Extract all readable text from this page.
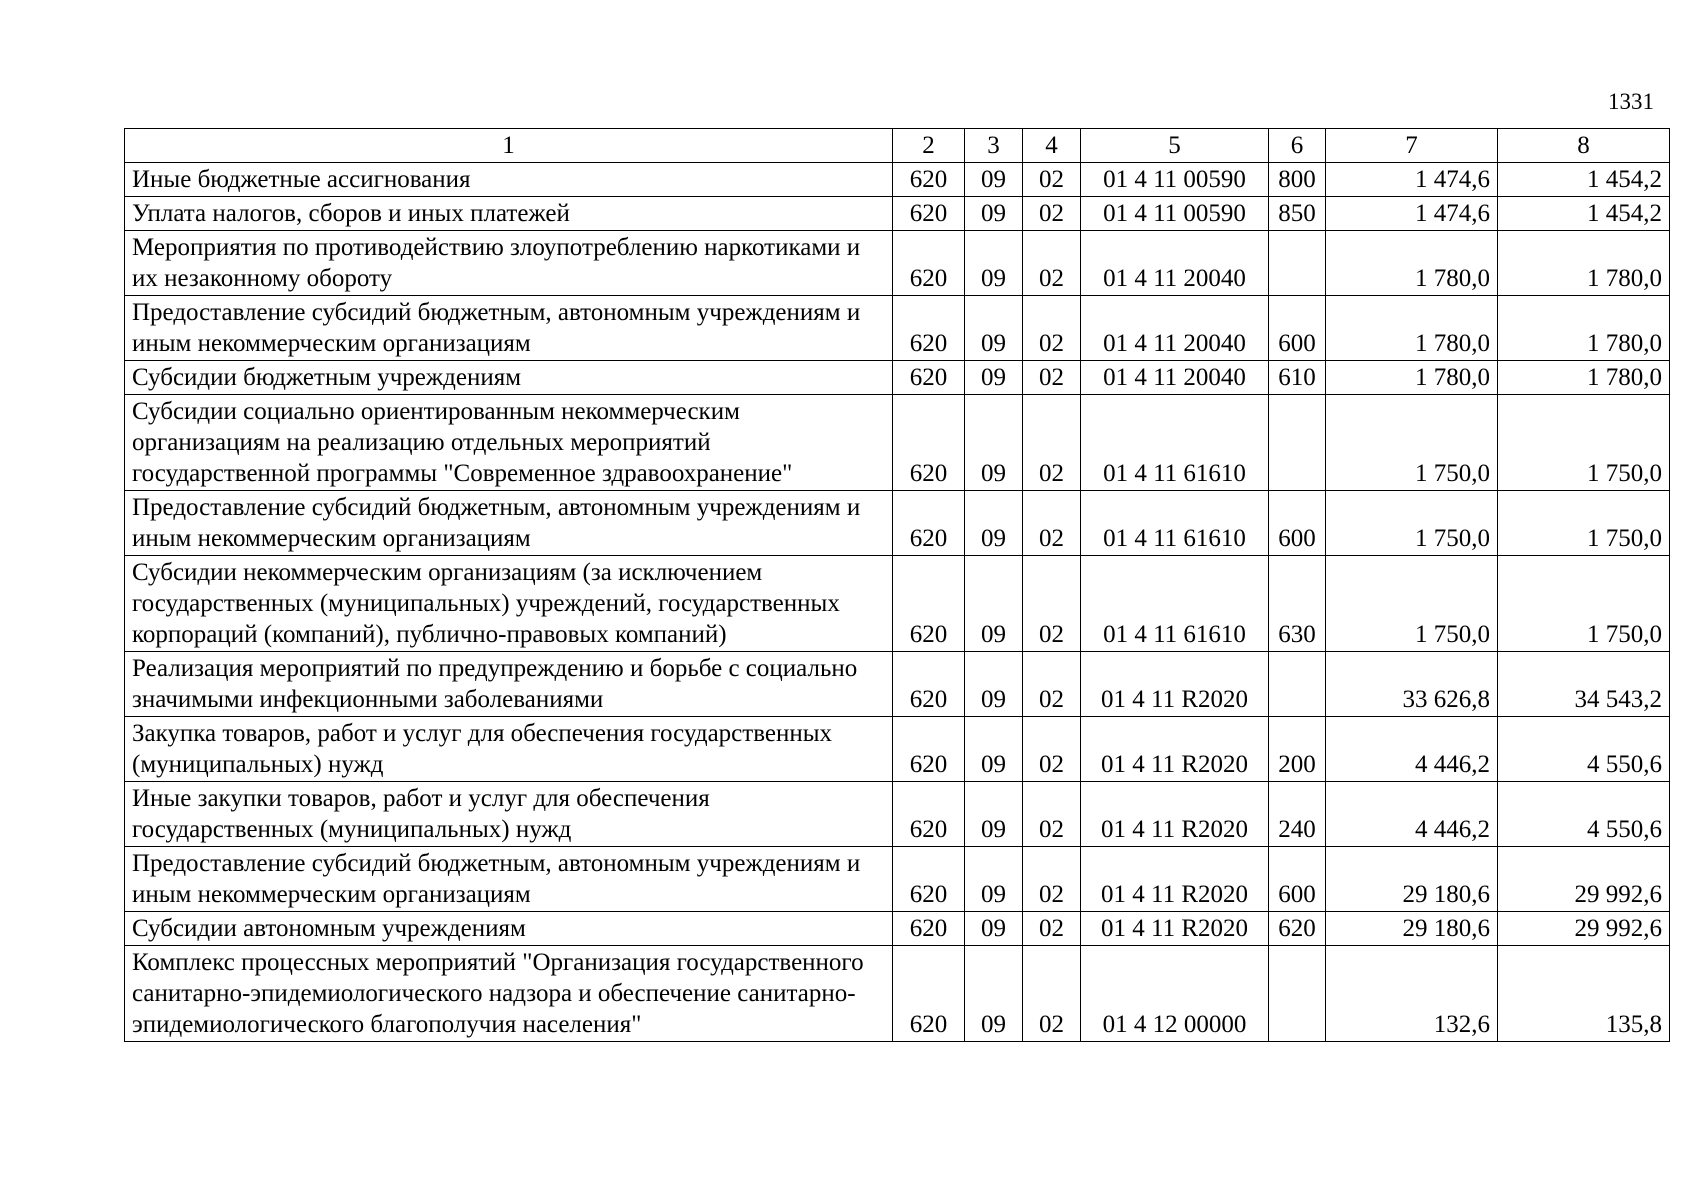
1331
1	2	3	4	5	6	7	8
Иные бюджетные ассигнования	620	09	02	01 4 11 00590	800	1 474,6	1 454,2
Уплата налогов, сборов и иных платежей	620	09	02	01 4 11 00590	850	1 474,6	1 454,2
Мероприятия по противодействию злоупотреблению наркотиками и их незаконному обороту	620	09	02	01 4 11 20040		1 780,0	1 780,0
Предоставление субсидий бюджетным, автономным учреждениям и иным некоммерческим организациям	620	09	02	01 4 11 20040	600	1 780,0	1 780,0
Субсидии бюджетным учреждениям	620	09	02	01 4 11 20040	610	1 780,0	1 780,0
Субсидии социально ориентированным некоммерческим организациям на реализацию отдельных мероприятий государственной программы "Современное здравоохранение"	620	09	02	01 4 11 61610		1 750,0	1 750,0
Предоставление субсидий бюджетным, автономным учреждениям и иным некоммерческим организациям	620	09	02	01 4 11 61610	600	1 750,0	1 750,0
Субсидии некоммерческим организациям (за исключением государственных (муниципальных) учреждений, государственных корпораций (компаний), публично-правовых компаний)	620	09	02	01 4 11 61610	630	1 750,0	1 750,0
Реализация мероприятий по предупреждению и борьбе с социально значимыми инфекционными заболеваниями	620	09	02	01 4 11 R2020		33 626,8	34 543,2
Закупка товаров, работ и услуг для обеспечения государственных (муниципальных) нужд	620	09	02	01 4 11 R2020	200	4 446,2	4 550,6
Иные закупки товаров, работ и услуг для обеспечения государственных (муниципальных) нужд	620	09	02	01 4 11 R2020	240	4 446,2	4 550,6
Предоставление субсидий бюджетным, автономным учреждениям и иным некоммерческим организациям	620	09	02	01 4 11 R2020	600	29 180,6	29 992,6
Субсидии автономным учреждениям	620	09	02	01 4 11 R2020	620	29 180,6	29 992,6
Комплекс процессных мероприятий "Организация государственного санитарно-эпидемиологического надзора и обеспечение санитарно-эпидемиологического благополучия населения"	620	09	02	01 4 12 00000		132,6	135,8
